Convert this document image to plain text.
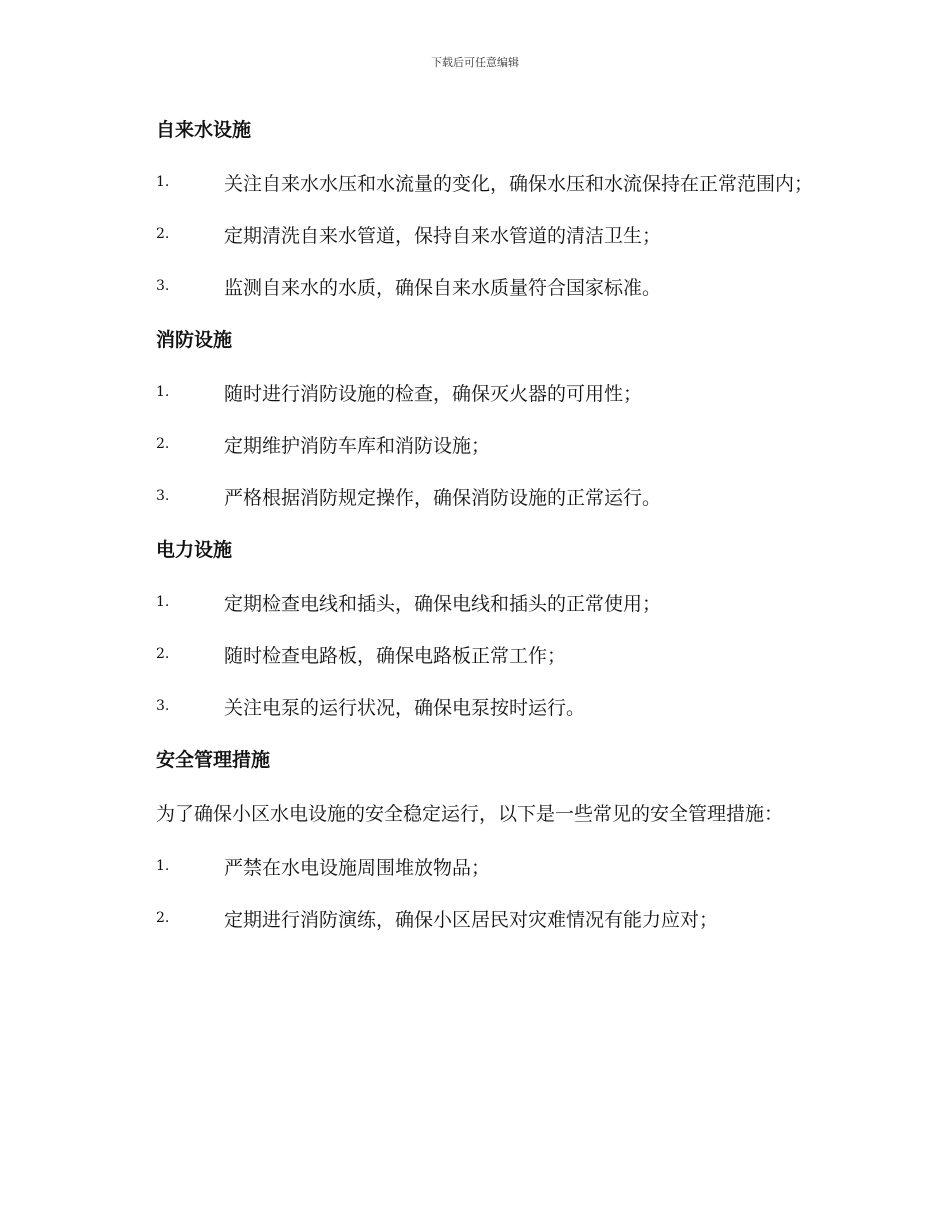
下载后可任意编辑
自来水设施
1.	关注自来水水压和水流量的变化，确保水压和水流保持在正常范围内；
2.	定期清洗自来水管道，保持自来水管道的清洁卫生；
3.	监测自来水的水质，确保自来水质量符合国家标准。
消防设施
1.	随时进行消防设施的检查，确保灭火器的可用性；
2.	定期维护消防车库和消防设施；
3.	严格根据消防规定操作，确保消防设施的正常运行。
电力设施
1.	定期检查电线和插头，确保电线和插头的正常使用；
2.	随时检查电路板，确保电路板正常工作；
3.	关注电泵的运行状况，确保电泵按时运行。
安全管理措施
为了确保小区水电设施的安全稳定运行，以下是一些常见的安全管理措施：
1.	严禁在水电设施周围堆放物品；
2.	定期进行消防演练，确保小区居民对灾难情况有能力应对；
